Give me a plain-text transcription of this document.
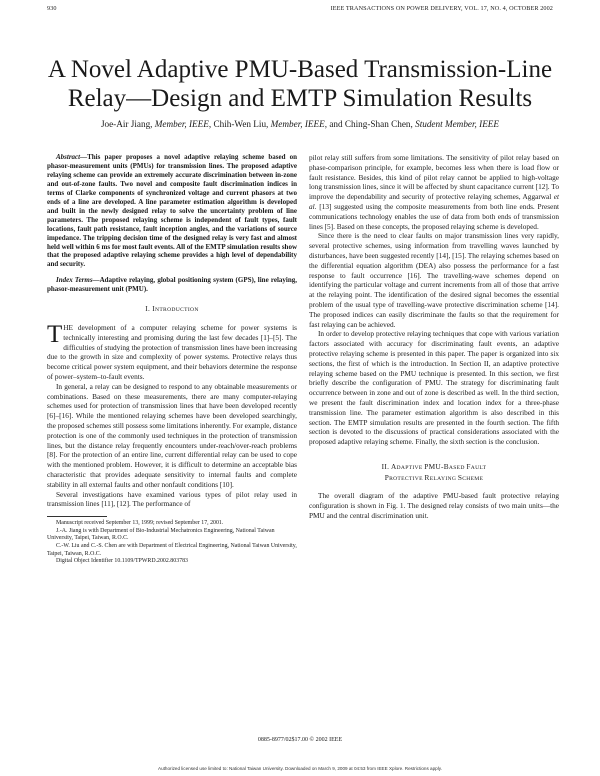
930	IEEE TRANSACTIONS ON POWER DELIVERY, VOL. 17, NO. 4, OCTOBER 2002
A Novel Adaptive PMU-Based Transmission-Line
Relay—Design and EMTP Simulation Results
Joe-Air Jiang, Member, IEEE, Chih-Wen Liu, Member, IEEE, and Ching-Shan Chen, Student Member, IEEE

Abstract—This paper proposes a novel adaptive relaying scheme based on phasor-measurement units (PMUs) for transmission lines. The proposed adaptive relaying scheme can provide an extremely accurate discrimination between in-zone and out-of-zone faults. Two novel and composite fault discrimination indices in terms of Clarke components of synchronized voltage and current phasors at two ends of a line are developed. A line parameter estimation algorithm is developed and built in the newly designed relay to solve the uncertainty problem of line parameters. The proposed relaying scheme is independent of fault types, fault locations, fault path resistance, fault inception angles, and the variations of source impedance. The tripping decision time of the designed relay is very fast and almost held well within 6 ms for most fault events. All of the EMTP simulation results show that the proposed adaptive relaying scheme provides a high level of dependability and security.

Index Terms—Adaptive relaying, global positioning system (GPS), line relaying, phasor-measurement unit (PMU).

I. INTRODUCTION

THE development of a computer relaying scheme for power systems is technically interesting and promising during the last few decades [1]–[5]. The difficulties of studying the protection of transmission lines have been increasing due to the growth in size and complexity of power systems. Protective relays thus become critical power system equipment, and their behaviors determine the response of power–system–to-fault events.

In general, a relay can be designed to respond to any obtainable measurements or combinations. Based on these measurements, there are many computer-relaying schemes used for protection of transmission lines that have been developed recently [6]–[16]. While the mentioned relaying schemes have been developed searchingly, the proposed schemes still possess some limitations inherently. For example, distance protection is one of the commonly used techniques in the protection of transmission lines, but the distance relay frequently encounters under-reach/over-reach problems [8]. For the protection of an entire line, current differential relay can be used to cope with the mentioned problem. However, it is difficult to determine an acceptable bias characteristic that provides adequate sensitivity to internal faults and complete stability in all external faults and other nonfault conditions [10].

Several investigations have examined various types of pilot relay used in transmission lines [11], [12]. The performance of

Manuscript received September 13, 1999; revised September 17, 2001.

J.-A. Jiang is with Department of Bio-Industrial Mechatronics Engineering, National Taiwan University, Taipei, Taiwan, R.O.C.

C.-W. Liu and C.-S. Chen are with Department of Electrical Engineering, National Taiwan University, Taipei, Taiwan, R.O.C.

Digital Object Identifier 10.1109/TPWRD.2002.803783

pilot relay still suffers from some limitations. The sensitivity of pilot relay based on phase-comparison principle, for example, becomes less when there is load flow or fault resistance. Besides, this kind of pilot relay cannot be applied to high-voltage long transmission lines, since it will be affected by shunt capacitance current [12]. To improve the dependability and security of protective relaying schemes, Aggarwal et al. [13] suggested using the composite measurements from both line ends. Present communications technology enables the use of data from both ends of transmission lines [5]. Based on these concepts, the proposed relaying scheme is developed.

Since there is the need to clear faults on major transmission lines very rapidly, several protective schemes, using information from travelling waves launched by disturbances, have been suggested recently [14], [15]. The relaying schemes based on the differential equation algorithm (DEA) also possess the performance for a fast response to fault occurrence [16]. The travelling-wave schemes depend on identifying the particular voltage and current increments from all of those that arrive at the relaying point. The identification of the desired signal becomes the essential problem of the usual type of travelling-wave protective discrimination scheme [14]. The proposed indices can easily discriminate the faults so that the requirement for fast relaying can be achieved.

In order to develop protective relaying techniques that cope with various variation factors associated with accuracy for discriminating fault events, an adaptive protective relaying scheme is presented in this paper. The paper is organized into six sections, the first of which is the introduction. In Section II, an adaptive protective relaying scheme based on the PMU technique is presented. In this section, we first briefly describe the configuration of PMU. The strategy for discriminating fault occurrence between in zone and out of zone is described as well. In the third section, we present the fault discrimination index and location index for a three-phase transmission line. The parameter estimation algorithm is also described in this section. The EMTP simulation results are presented in the fourth section. The fifth section is devoted to the discussions of practical considerations associated with the proposed adaptive relaying scheme. Finally, the sixth section is the conclusion.

II. ADAPTIVE PMU-BASED FAULT
PROTECTIVE RELAYING SCHEME

The overall diagram of the adaptive PMU-based fault protective relaying configuration is shown in Fig. 1. The designed relay consists of two main units—the PMU and the central discrimination unit.

0885-8977/02$17.00 © 2002 IEEE
Authorized licensed use limited to: National Taiwan University. Downloaded on March 9, 2009 at 04:53 from IEEE Xplore. Restrictions apply.
